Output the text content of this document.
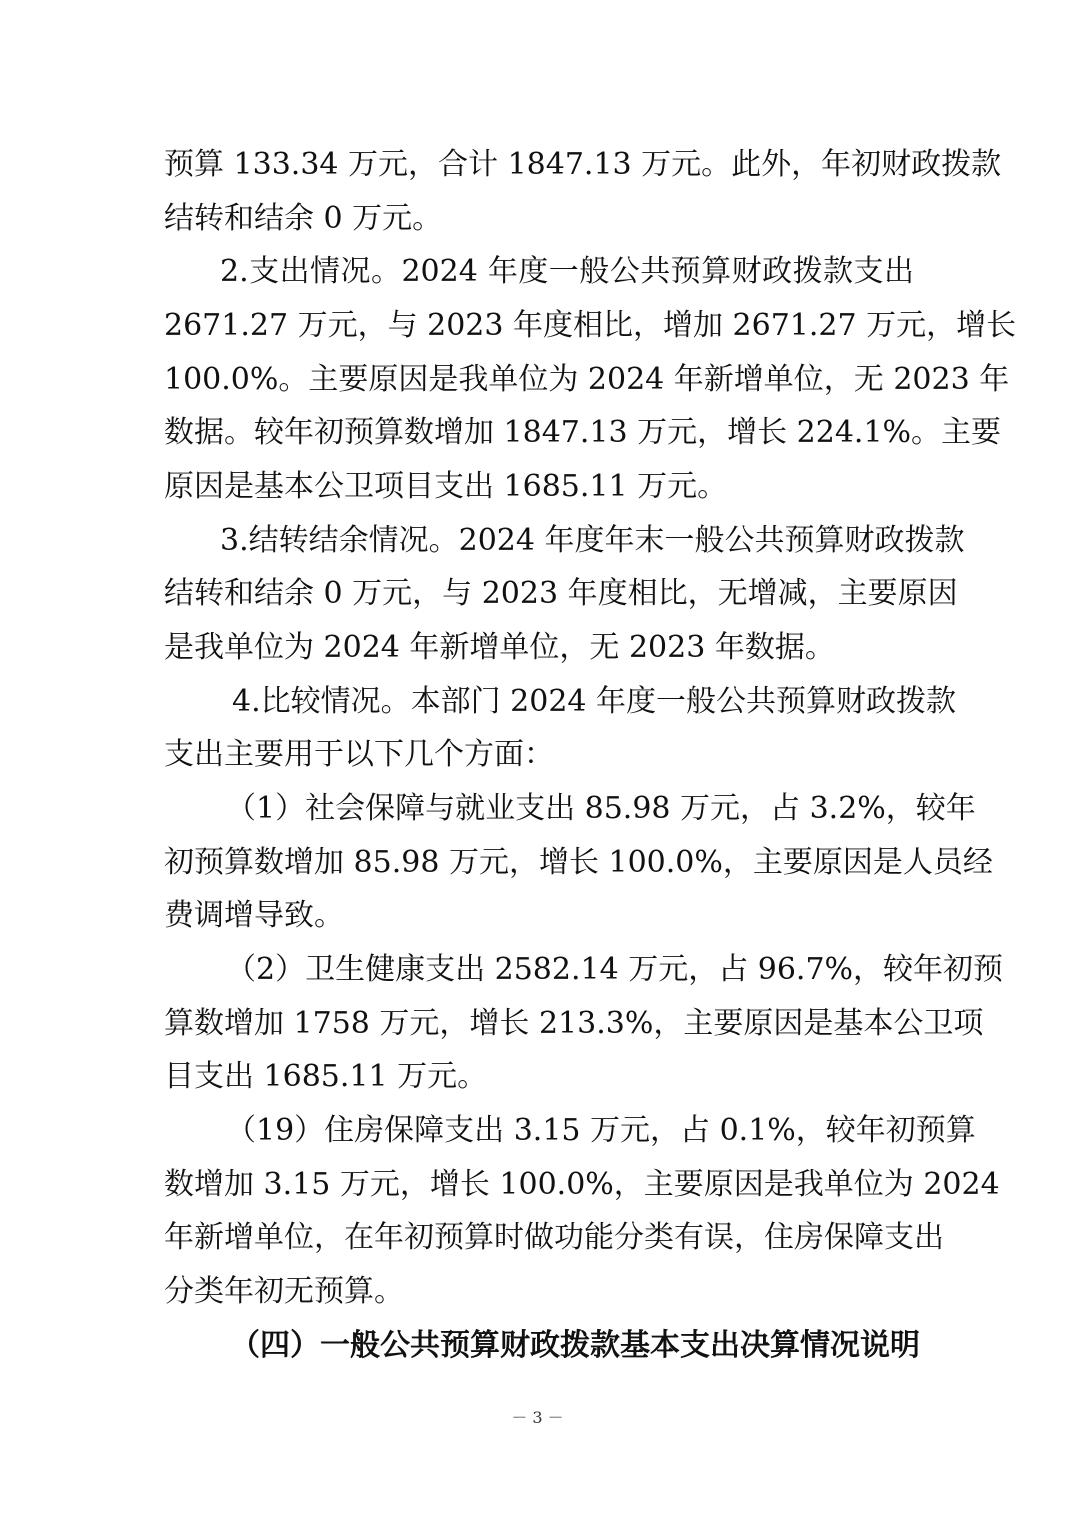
预算 133.34 万元，合计 1847.13 万元。此外，年初财政拨款
结转和结余 0 万元。
2.支出情况。2024 年度一般公共预算财政拨款支出
2671.27 万元，与 2023 年度相比，增加 2671.27 万元，增长
100.0%。主要原因是我单位为 2024 年新增单位，无 2023 年
数据。较年初预算数增加 1847.13 万元，增长 224.1%。主要
原因是基本公卫项目支出 1685.11 万元。
3.结转结余情况。2024 年度年末一般公共预算财政拨款
结转和结余 0 万元，与 2023 年度相比，无增减，主要原因
是我单位为 2024 年新增单位，无 2023 年数据。
4.比较情况。本部门 2024 年度一般公共预算财政拨款
支出主要用于以下几个方面：
（1）社会保障与就业支出 85.98 万元，占 3.2%，较年
初预算数增加 85.98 万元，增长 100.0%，主要原因是人员经
费调增导致。
（2）卫生健康支出 2582.14 万元，占 96.7%，较年初预
算数增加 1758 万元，增长 213.3%，主要原因是基本公卫项
目支出 1685.11 万元。
（19）住房保障支出 3.15 万元，占 0.1%，较年初预算
数增加 3.15 万元，增长 100.0%，主要原因是我单位为 2024
年新增单位，在年初预算时做功能分类有误，住房保障支出
分类年初无预算。
（四）一般公共预算财政拨款基本支出决算情况说明
－ 3 －
